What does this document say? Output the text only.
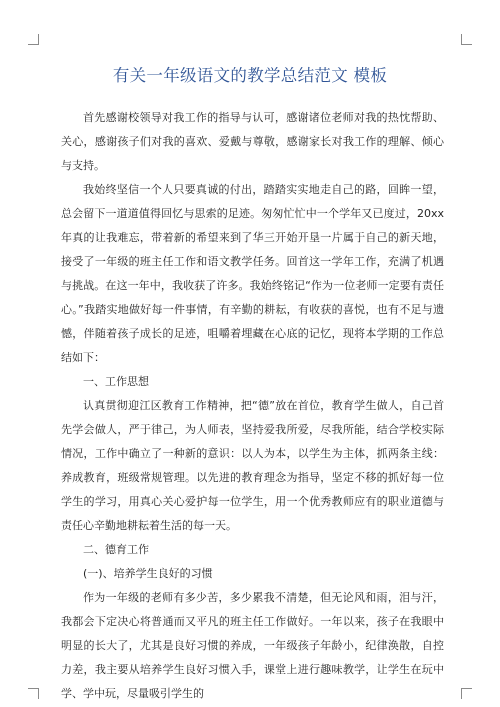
有关一年级语文的教学总结范文 模板

首先感谢校领导对我工作的指导与认可，感谢诸位老师对我的热忱帮助、关心，感谢孩子们对我的喜欢、爱戴与尊敬，感谢家长对我工作的理解、倾心与支持。

我始终坚信一个人只要真诚的付出，踏踏实实地走自己的路，回眸一望，总会留下一道道值得回忆与思索的足迹。匆匆忙忙中一个学年又已度过，20xx年真的让我难忘，带着新的希望来到了华三开始开垦一片属于自己的新天地，接受了一年级的班主任工作和语文教学任务。回首这一学年工作，充满了机遇与挑战。在这一年中，我收获了许多。我始终铭记“作为一位老师一定要有责任心。”我踏实地做好每一件事情，有辛勤的耕耘，有收获的喜悦，也有不足与遗憾，伴随着孩子成长的足迹，咀嚼着埋藏在心底的记忆，现将本学期的工作总结如下：

一、工作思想

认真贯彻迎江区教育工作精神，把“德”放在首位，教育学生做人，自己首先学会做人，严于律己，为人师表，坚持爱我所爱，尽我所能，结合学校实际情况，工作中确立了一种新的意识：以人为本，以学生为主体，抓两条主线：养成教育，班级常规管理。以先进的教育理念为指导，坚定不移的抓好每一位学生的学习，用真心关心爱护每一位学生，用一个优秀教师应有的职业道德与责任心辛勤地耕耘着生活的每一天。

二、德育工作

(一)、培养学生良好的习惯

作为一年级的老师有多少苦，多少累我不清楚，但无论风和雨，泪与汗，我都会下定决心将普通而又平凡的班主任工作做好。一年以来，孩子在我眼中明显的长大了，尤其是良好习惯的养成，一年级孩子年龄小，纪律涣散，自控力差，我主要从培养学生良好习惯入手，课堂上进行趣味教学，让学生在玩中学、学中玩，尽量吸引学生的
